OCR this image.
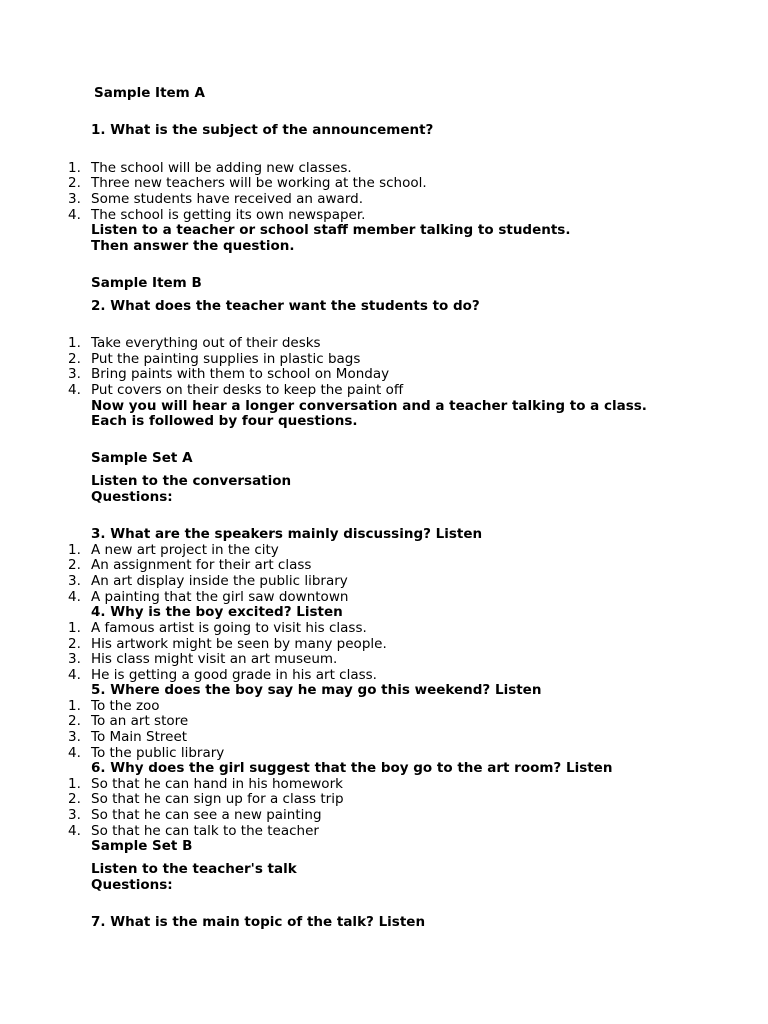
Sample Item A
1. What is the subject of the announcement?
1. The school will be adding new classes.
2. Three new teachers will be working at the school.
3. Some students have received an award.
4. The school is getting its own newspaper.
Listen to a teacher or school staff member talking to students.
Then answer the question.
Sample Item B
2. What does the teacher want the students to do?
1. Take everything out of their desks
2. Put the painting supplies in plastic bags
3. Bring paints with them to school on Monday
4. Put covers on their desks to keep the paint off
Now you will hear a longer conversation and a teacher talking to a class.
Each is followed by four questions.
Sample Set A
Listen to the conversation
Questions:
3. What are the speakers mainly discussing? Listen
1. A new art project in the city
2. An assignment for their art class
3. An art display inside the public library
4. A painting that the girl saw downtown
4. Why is the boy excited? Listen
1. A famous artist is going to visit his class.
2. His artwork might be seen by many people.
3. His class might visit an art museum.
4. He is getting a good grade in his art class.
5. Where does the boy say he may go this weekend? Listen
1. To the zoo
2. To an art store
3. To Main Street
4. To the public library
6. Why does the girl suggest that the boy go to the art room? Listen
1. So that he can hand in his homework
2. So that he can sign up for a class trip
3. So that he can see a new painting
4. So that he can talk to the teacher
Sample Set B
Listen to the teacher's talk
Questions:
7. What is the main topic of the talk? Listen
